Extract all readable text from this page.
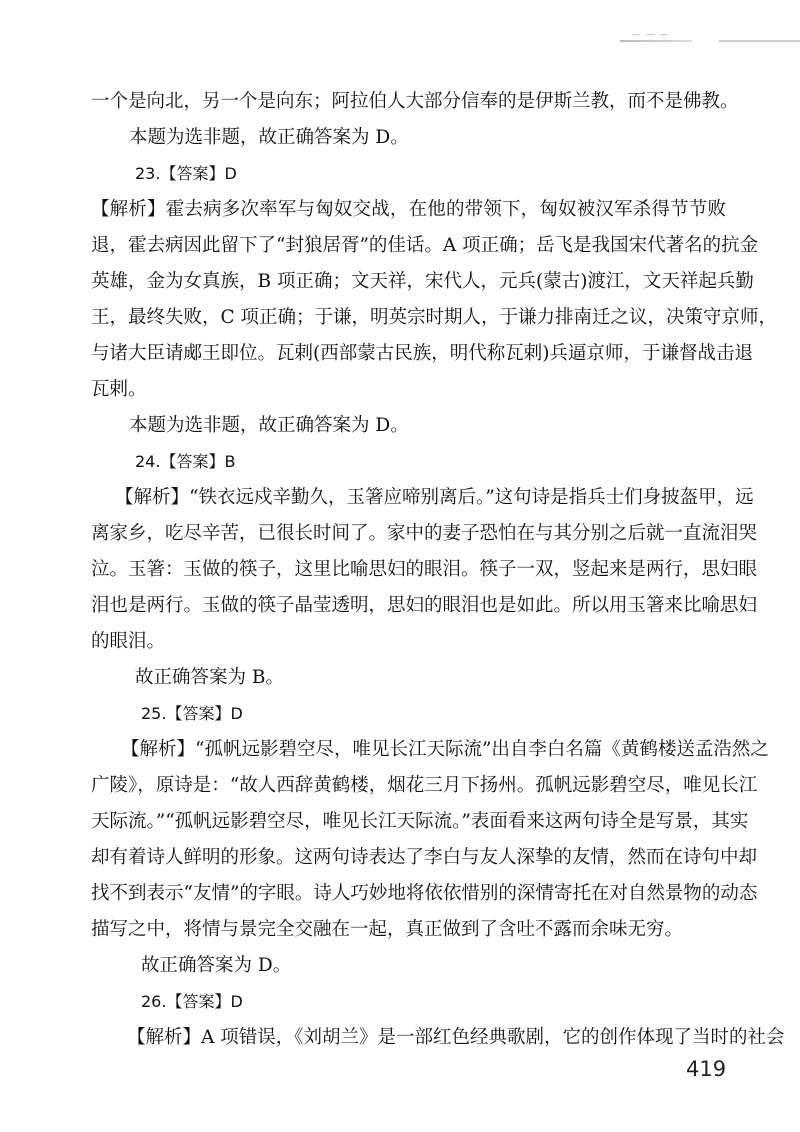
— — —
一个是向北，另一个是向东；阿拉伯人大部分信奉的是伊斯兰教，而不是佛教。
本题为选非题，故正确答案为 D。
23.【答案】D
【解析】霍去病多次率军与匈奴交战，在他的带领下，匈奴被汉军杀得节节败
退，霍去病因此留下了“封狼居胥”的佳话。A 项正确；岳飞是我国宋代著名的抗金
英雄，金为女真族，B 项正确；文天祥，宋代人，元兵(蒙古)渡江，文天祥起兵勤
王，最终失败，C 项正确；于谦，明英宗时期人，于谦力排南迁之议，决策守京师，
与诸大臣请郕王即位。瓦剌(西部蒙古民族，明代称瓦剌)兵逼京师，于谦督战击退
瓦剌。
本题为选非题，故正确答案为 D。
24.【答案】B
【解析】“铁衣远戍辛勤久，玉箸应啼别离后。”这句诗是指兵士们身披盔甲，远
离家乡，吃尽辛苦，已很长时间了。家中的妻子恐怕在与其分别之后就一直流泪哭
泣。玉箸：玉做的筷子，这里比喻思妇的眼泪。筷子一双，竖起来是两行，思妇眼
泪也是两行。玉做的筷子晶莹透明，思妇的眼泪也是如此。所以用玉箸来比喻思妇
的眼泪。
故正确答案为 B。
25.【答案】D
【解析】“孤帆远影碧空尽，唯见长江天际流”出自李白名篇《黄鹤楼送孟浩然之
广陵》，原诗是：“故人西辞黄鹤楼，烟花三月下扬州。孤帆远影碧空尽，唯见长江
天际流。”“孤帆远影碧空尽，唯见长江天际流。”表面看来这两句诗全是写景，其实
却有着诗人鲜明的形象。这两句诗表达了李白与友人深挚的友情，然而在诗句中却
找不到表示“友情”的字眼。诗人巧妙地将依依惜别的深情寄托在对自然景物的动态
描写之中，将情与景完全交融在一起，真正做到了含吐不露而余味无穷。
故正确答案为 D。
26.【答案】D
【解析】A 项错误，《刘胡兰》是一部红色经典歌剧，它的创作体现了当时的社会
419
